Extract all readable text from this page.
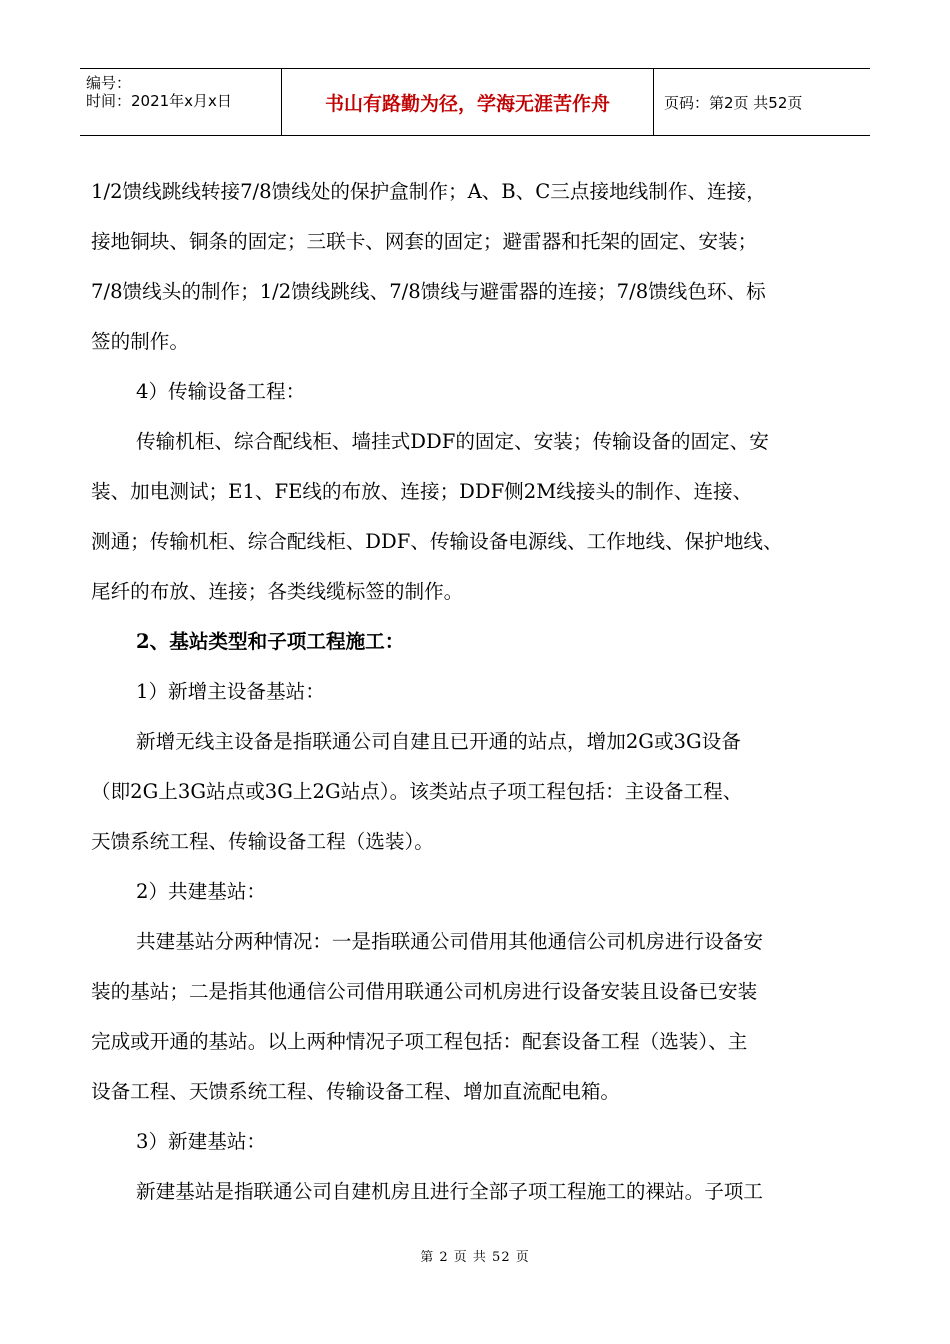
编号：
时间：2021年x月x日	书山有路勤为径，学海无涯苦作舟	页码：第2页 共52页

1/2馈线跳线转接7/8馈线处的保护盒制作；A、B、C三点接地线制作、连接，

接地铜块、铜条的固定；三联卡、网套的固定；避雷器和托架的固定、安装；

7/8馈线头的制作；1/2馈线跳线、7/8馈线与避雷器的连接；7/8馈线色环、标

签的制作。

4）传输设备工程：

传输机柜、综合配线柜、墙挂式DDF的固定、安装；传输设备的固定、安

装、加电测试；E1、FE线的布放、连接；DDF侧2M线接头的制作、连接、

测通；传输机柜、综合配线柜、DDF、传输设备电源线、工作地线、保护地线、

尾纤的布放、连接；各类线缆标签的制作。

2、基站类型和子项工程施工：

1）新增主设备基站：

新增无线主设备是指联通公司自建且已开通的站点，增加2G或3G设备

（即2G上3G站点或3G上2G站点）。该类站点子项工程包括：主设备工程、

天馈系统工程、传输设备工程（选装）。

2）共建基站：

共建基站分两种情况：一是指联通公司借用其他通信公司机房进行设备安

装的基站；二是指其他通信公司借用联通公司机房进行设备安装且设备已安装

完成或开通的基站。以上两种情况子项工程包括：配套设备工程（选装）、主

设备工程、天馈系统工程、传输设备工程、增加直流配电箱。

3）新建基站：

新建基站是指联通公司自建机房且进行全部子项工程施工的裸站。子项工

第 2 页 共 52 页
